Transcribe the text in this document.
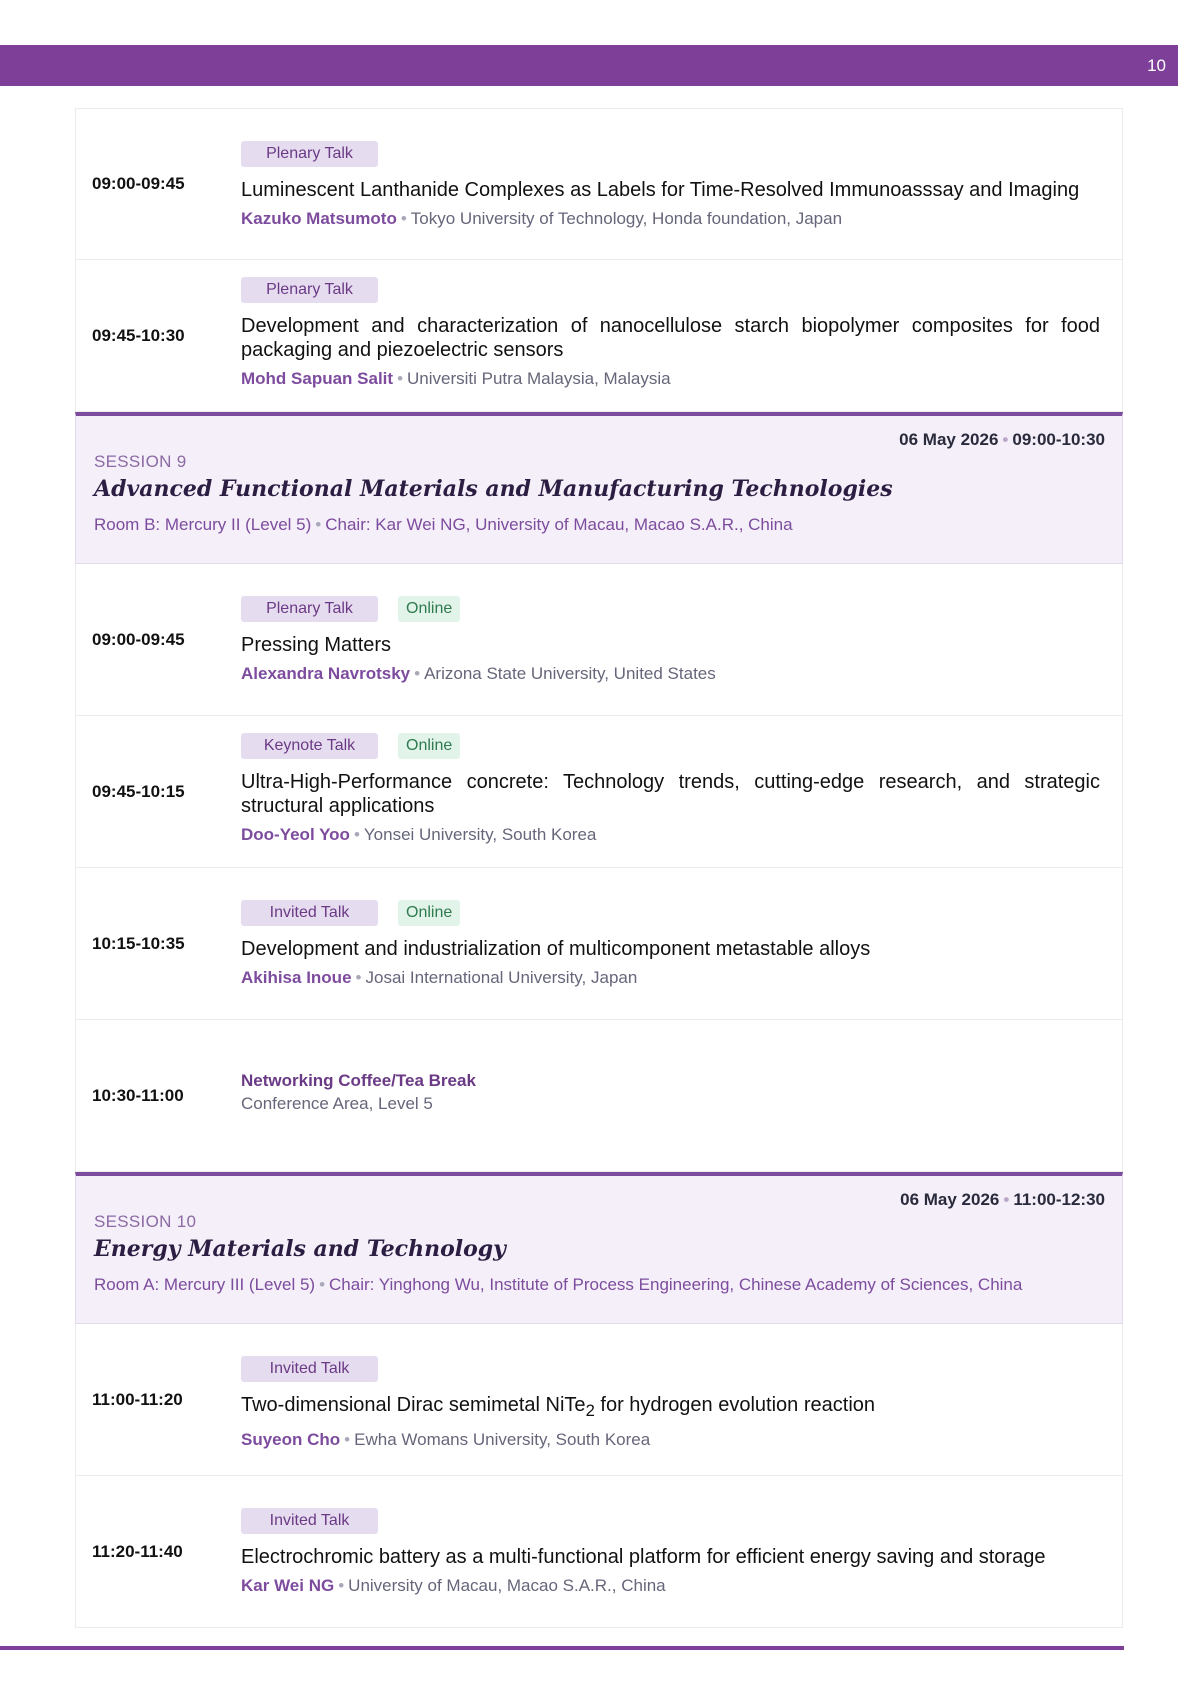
10
09:00-09:45
Plenary Talk
Luminescent Lanthanide Complexes as Labels for Time-Resolved Immunoasssay and Imaging
Kazuko Matsumoto • Tokyo University of Technology, Honda foundation, Japan
09:45-10:30
Plenary Talk
Development and characterization of nanocellulose starch biopolymer composites for food packaging and piezoelectric sensors
Mohd Sapuan Salit • Universiti Putra Malaysia, Malaysia
06 May 2026 • 09:00-10:30
SESSION 9
Advanced Functional Materials and Manufacturing Technologies
Room B: Mercury II (Level 5) • Chair: Kar Wei NG, University of Macau, Macao S.A.R., China
09:00-09:45
Plenary Talk	Online
Pressing Matters
Alexandra Navrotsky • Arizona State University, United States
09:45-10:15
Keynote Talk	Online
Ultra-High-Performance concrete: Technology trends, cutting-edge research, and strategic structural applications
Doo-Yeol Yoo • Yonsei University, South Korea
10:15-10:35
Invited Talk	Online
Development and industrialization of multicomponent metastable alloys
Akihisa Inoue • Josai International University, Japan
10:30-11:00
Networking Coffee/Tea Break
Conference Area, Level 5
06 May 2026 • 11:00-12:30
SESSION 10
Energy Materials and Technology
Room A: Mercury III (Level 5) • Chair: Yinghong Wu, Institute of Process Engineering, Chinese Academy of Sciences, China
11:00-11:20
Invited Talk
Two-dimensional Dirac semimetal NiTe$_2$ for hydrogen evolution reaction
Suyeon Cho • Ewha Womans University, South Korea
11:20-11:40
Invited Talk
Electrochromic battery as a multi-functional platform for efficient energy saving and storage
Kar Wei NG • University of Macau, Macao S.A.R., China
